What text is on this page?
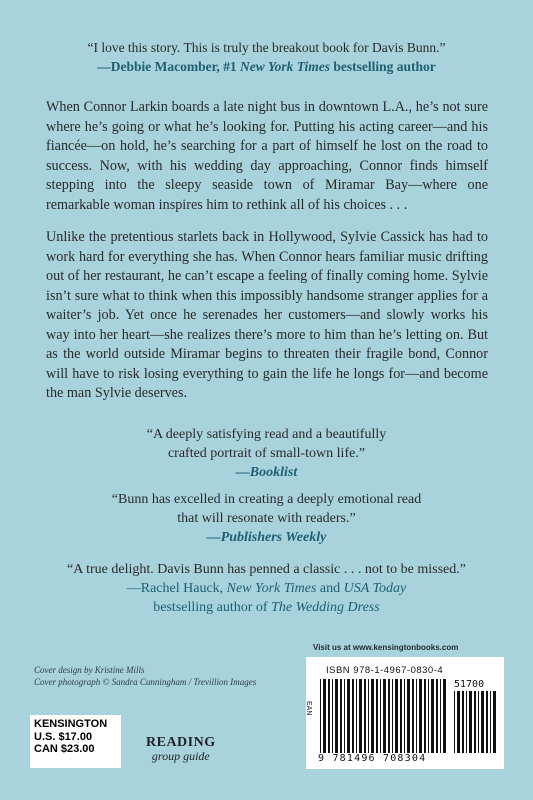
“I love this story. This is truly the breakout book for Davis Bunn.”
—Debbie Macomber, #1 New York Times bestselling author

When Connor Larkin boards a late night bus in downtown L.A., he’s not sure where he’s going or what he’s looking for. Putting his acting career—and his fiancée—on hold, he’s searching for a part of himself he lost on the road to success. Now, with his wedding day approaching, Connor finds himself stepping into the sleepy seaside town of Miramar Bay—where one remarkable woman inspires him to rethink all of his choices . . .

Unlike the pretentious starlets back in Hollywood, Sylvie Cassick has had to work hard for everything she has. When Connor hears familiar music drifting out of her restaurant, he can’t escape a feeling of finally coming home. Sylvie isn’t sure what to think when this impossibly handsome stranger applies for a waiter’s job. Yet once he serenades her customers—and slowly works his way into her heart—she realizes there’s more to him than he’s letting on. But as the world outside Miramar begins to threaten their fragile bond, Connor will have to risk losing everything to gain the life he longs for—and become the man Sylvie deserves.

“A deeply satisfying read and a beautifully
crafted portrait of small-town life.”
—Booklist
“Bunn has excelled in creating a deeply emotional read
that will resonate with readers.”
—Publishers Weekly
“A true delight. Davis Bunn has penned a classic . . . not to be missed.”
—Rachel Hauck, New York Times and USA Today
bestselling author of The Wedding Dress
Cover design by Kristine Mills
Cover photograph © Sandra Cunningham / Trevillion Images
Visit us at www.kensingtonbooks.com
ISBN 978-1-4967-0830-4
EAN
51700
9 781496 708304
KENSINGTON
U.S. $17.00
CAN $23.00	READING
group guide
